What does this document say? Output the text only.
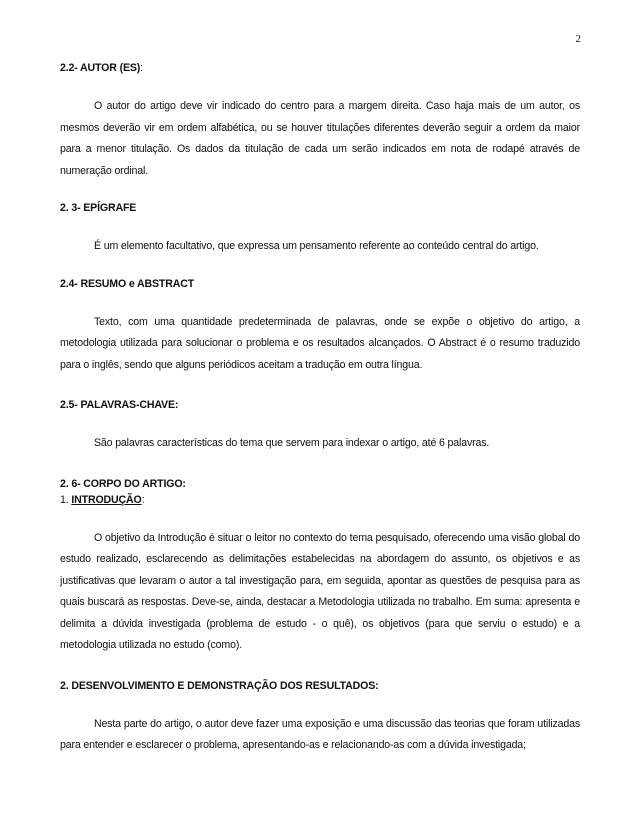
2

2.2- AUTOR (ES):

O autor do artigo deve vir indicado do centro para a margem direita. Caso haja mais de um autor, os mesmos deverão vir em ordem alfabética, ou se houver titulações diferentes deverão seguir a ordem da maior para a menor titulação. Os dados da titulação de cada um serão indicados em nota de rodapé através de numeração ordinal.

2. 3- EPÍGRAFE

É um elemento facultativo, que expressa um pensamento referente ao conteúdo central do artigo.

2.4- RESUMO e ABSTRACT

Texto, com uma quantidade predeterminada de palavras, onde se expõe o objetivo do artigo, a metodologia utilizada para solucionar o problema e os resultados alcançados. O Abstract é o resumo traduzido para o inglês, sendo que alguns periódicos aceitam a tradução em outra língua.

2.5- PALAVRAS-CHAVE:

São palavras características do tema que servem para indexar o artigo, até 6 palavras.

2. 6- CORPO DO ARTIGO:

1. INTRODUÇÃO:

O objetivo da Introdução é situar o leitor no contexto do tema pesquisado, oferecendo uma visão global do estudo realizado, esclarecendo as delimitações estabelecidas na abordagem do assunto, os objetivos e as justificativas que levaram o autor a tal investigação para, em seguida, apontar as questões de pesquisa para as quais buscará as respostas. Deve-se, ainda, destacar a Metodologia utilizada no trabalho. Em suma: apresenta e delimita a dúvida investigada (problema de estudo - o quê), os objetivos (para que serviu o estudo) e a metodologia utilizada no estudo (como).

2. DESENVOLVIMENTO E DEMONSTRAÇÃO DOS RESULTADOS:

Nesta parte do artigo, o autor deve fazer uma exposição e uma discussão das teorias que foram utilizadas para entender e esclarecer o problema, apresentando-as e relacionando-as com a dúvida investigada;
